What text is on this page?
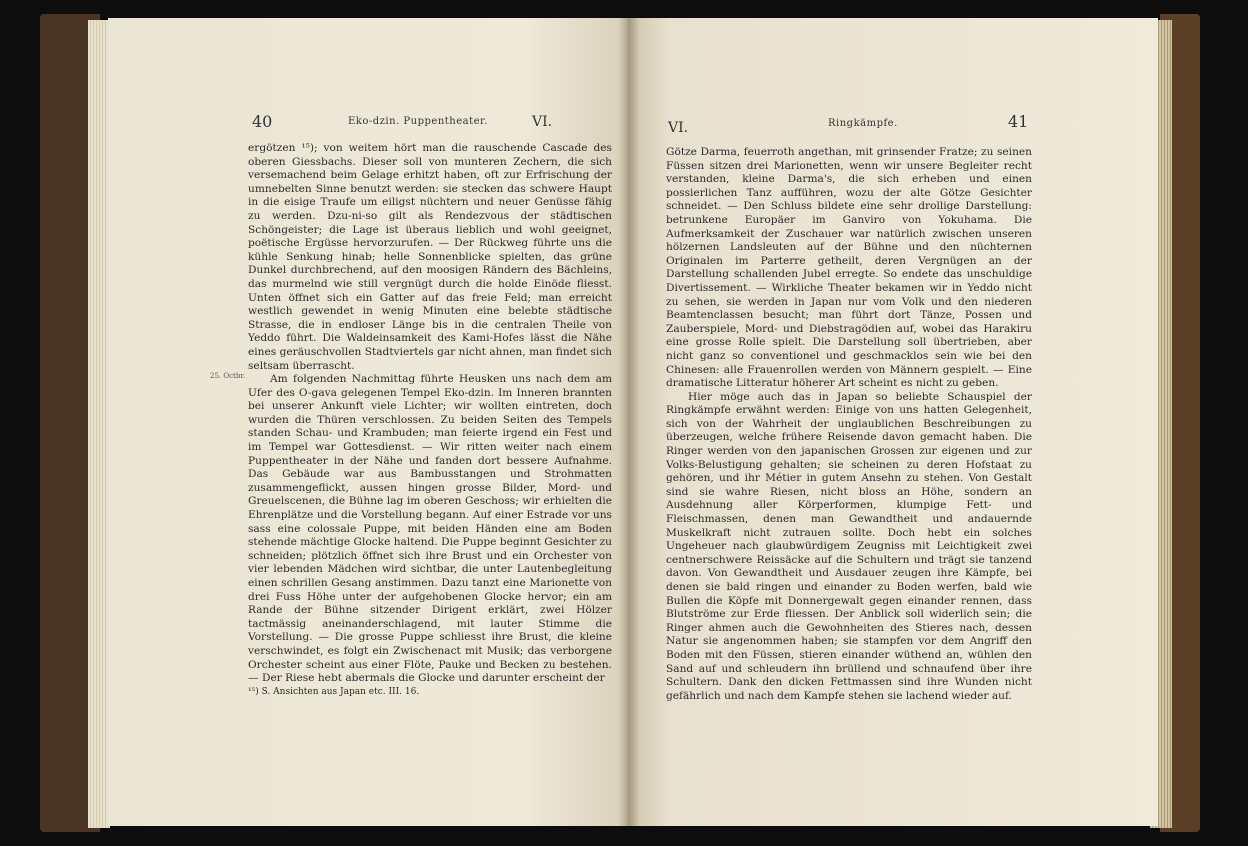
40	Eko-dzin. Puppentheater.	VI.
25. Octbr.

ergötzen ¹⁵); von weitem hört man die rauschende Cascade des oberen Giessbachs. Dieser soll von munteren Zechern, die sich versemachend beim Gelage erhitzt haben, oft zur Erfrischung der umnebelten Sinne benutzt werden: sie stecken das schwere Haupt in die eisige Traufe um eiligst nüchtern und neuer Genüsse fähig zu werden. Dzu-ni-so gilt als Rendezvous der städtischen Schöngeister; die Lage ist überaus lieblich und wohl geeignet, poëtische Ergüsse hervorzurufen. — Der Rückweg führte uns die kühle Senkung hinab; helle Sonnenblicke spielten, das grüne Dunkel durchbrechend, auf den moosigen Rändern des Bächleins, das murmelnd wie still vergnügt durch die holde Einöde fliesst. Unten öffnet sich ein Gatter auf das freie Feld; man erreicht westlich gewendet in wenig Minuten eine belebte städtische Strasse, die in endloser Länge bis in die centralen Theile von Yeddo führt. Die Waldeinsamkeit des Kami-Hofes lässt die Nähe eines geräuschvollen Stadtviertels gar nicht ahnen, man findet sich seltsam überrascht.

Am folgenden Nachmittag führte Heusken uns nach dem am Ufer des O-gava gelegenen Tempel Eko-dzin. Im Inneren brannten bei unserer Ankunft viele Lichter; wir wollten eintreten, doch wurden die Thüren verschlossen. Zu beiden Seiten des Tempels standen Schau- und Krambuden; man feierte irgend ein Fest und im Tempel war Gottesdienst. — Wir ritten weiter nach einem Puppentheater in der Nähe und fanden dort bessere Aufnahme. Das Gebäude war aus Bambusstangen und Strohmatten zusammengeflickt, aussen hingen grosse Bilder, Mord- und Greuelscenen, die Bühne lag im oberen Geschoss; wir erhielten die Ehrenplätze und die Vorstellung begann. Auf einer Estrade vor uns sass eine colossale Puppe, mit beiden Händen eine am Boden stehende mächtige Glocke haltend. Die Puppe beginnt Gesichter zu schneiden; plötzlich öffnet sich ihre Brust und ein Orchester von vier lebenden Mädchen wird sichtbar, die unter Lautenbegleitung einen schrillen Gesang anstimmen. Dazu tanzt eine Marionette von drei Fuss Höhe unter der aufgehobenen Glocke hervor; ein am Rande der Bühne sitzender Dirigent erklärt, zwei Hölzer tactmässig aneinanderschlagend, mit lauter Stimme die Vorstellung. — Die grosse Puppe schliesst ihre Brust, die kleine verschwindet, es folgt ein Zwischenact mit Musik; das verborgene Orchester scheint aus einer Flöte, Pauke und Becken zu bestehen. — Der Riese hebt abermals die Glocke und darunter erscheint der

¹⁵) S. Ansichten aus Japan etc. III. 16.

VI.	Ringkämpfe.	41

Götze Darma, feuerroth angethan, mit grinsender Fratze; zu seinen Füssen sitzen drei Marionetten, wenn wir unsere Begleiter recht verstanden, kleine Darma's, die sich erheben und einen possierlichen Tanz aufführen, wozu der alte Götze Gesichter schneidet. — Den Schluss bildete eine sehr drollige Darstellung: betrunkene Europäer im Ganviro von Yokuhama. Die Aufmerksamkeit der Zuschauer war natürlich zwischen unseren hölzernen Landsleuten auf der Bühne und den nüchternen Originalen im Parterre getheilt, deren Vergnügen an der Darstellung schallenden Jubel erregte. So endete das unschuldige Divertissement. — Wirkliche Theater bekamen wir in Yeddo nicht zu sehen, sie werden in Japan nur vom Volk und den niederen Beamtenclassen besucht; man führt dort Tänze, Possen und Zauberspiele, Mord- und Diebstragödien auf, wobei das Harakiru eine grosse Rolle spielt. Die Darstellung soll übertrieben, aber nicht ganz so conventionel und geschmacklos sein wie bei den Chinesen: alle Frauenrollen werden von Männern gespielt. — Eine dramatische Litteratur höherer Art scheint es nicht zu geben.

Hier möge auch das in Japan so beliebte Schauspiel der Ringkämpfe erwähnt werden: Einige von uns hatten Gelegenheit, sich von der Wahrheit der unglaublichen Beschreibungen zu überzeugen, welche frühere Reisende davon gemacht haben. Die Ringer werden von den japanischen Grossen zur eigenen und zur Volks-Belustigung gehalten; sie scheinen zu deren Hofstaat zu gehören, und ihr Métier in gutem Ansehn zu stehen. Von Gestalt sind sie wahre Riesen, nicht bloss an Höhe, sondern an Ausdehnung aller Körperformen, klumpige Fett- und Fleischmassen, denen man Gewandtheit und andauernde Muskelkraft nicht zutrauen sollte. Doch hebt ein solches Ungeheuer nach glaubwürdigem Zeugniss mit Leichtigkeit zwei centnerschwere Reissäcke auf die Schultern und trägt sie tanzend davon. Von Gewandtheit und Ausdauer zeugen ihre Kämpfe, bei denen sie bald ringen und einander zu Boden werfen, bald wie Bullen die Köpfe mit Donnergewalt gegen einander rennen, dass Blutströme zur Erde fliessen. Der Anblick soll widerlich sein; die Ringer ahmen auch die Gewohnheiten des Stieres nach, dessen Natur sie angenommen haben; sie stampfen vor dem Angriff den Boden mit den Füssen, stieren einander wüthend an, wühlen den Sand auf und schleudern ihn brüllend und schnaufend über ihre Schultern. Dank den dicken Fettmassen sind ihre Wunden nicht gefährlich und nach dem Kampfe stehen sie lachend wieder auf.
